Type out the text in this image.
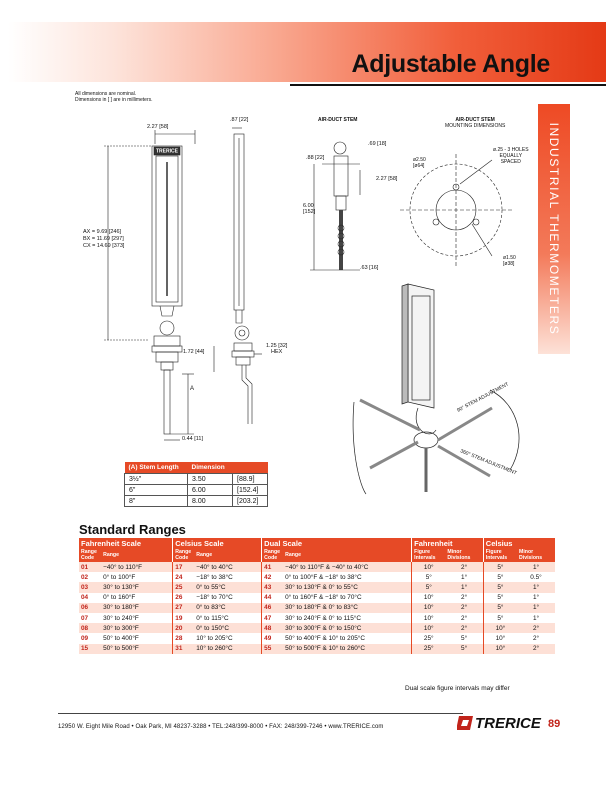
Adjustable Angle
INDUSTRIAL THERMOMETERS
All dimensions are nominal.
Dimensions in [ ] are in millimeters.
TRERICE
2.27 [58]
AX = 9.69 [246]
BX = 11.69 [297]
CX = 14.69 [373]
A
0.44 [11]
.87 [22]
1.72 [44]
1.25 [32]
HEX
AIR-DUCT STEM
.69 [18]
.88 [22]
2.27 [58]
6.00
[152]
.63 [16]
AIR-DUCT STEM
MOUNTING DIMENSIONS
ø.25 - 3 HOLES
EQUALLY
SPACED
ø2.50
[ø64]
ø1.50
[ø38]
90° STEM ADJUSTMENT
360° STEM ADJUSTMENT
(A) Stem Length	Dimension	
3½"	3.50	[88.9]
6"	6.00	[152.4]
8"	8.00	[203.2]
Standard Ranges
Fahrenheit Scale		Celsius Scale		Dual Scale		Fahrenheit		Celsius	
Range Code	Range	Range Code	Range	Range Code	Range	Figure Intervals	Minor Divisions	Figure Intervals	Minor Divisions
01	−40° to 110°F	17	−40° to 40°C	41	−40° to 110°F & −40° to 40°C	10°	2°	5°	1°
02	0° to 100°F	24	−18° to 38°C	42	0° to 100°F & −18° to 38°C	5°	1°	5°	0.5°
03	30° to 130°F	25	0° to 55°C	43	30° to 130°F & 0° to 55°C	5°	1°	5°	1°
04	0° to 160°F	26	−18° to 70°C	44	0° to 160°F & −18° to 70°C	10°	2°	5°	1°
06	30° to 180°F	27	0° to 83°C	46	30° to 180°F & 0° to 83°C	10°	2°	5°	1°
07	30° to 240°F	19	0° to 115°C	47	30° to 240°F & 0° to 115°C	10°	2°	5°	1°
08	30° to 300°F	20	0° to 150°C	48	30° to 300°F & 0° to 150°C	10°	2°	10°	2°
09	50° to 400°F	28	10° to 205°C	49	50° to 400°F & 10° to 205°C	25°	5°	10°	2°
15	50° to 500°F	31	10° to 260°C	55	50° to 500°F & 10° to 260°C	25°	5°	10°	2°
Dual scale figure intervals may differ
12950 W. Eight Mile Road • Oak Park, MI 48237-3288 • TEL:248/399-8000 • FAX: 248/399-7246 • www.TRERICE.com	TRERICE 89
